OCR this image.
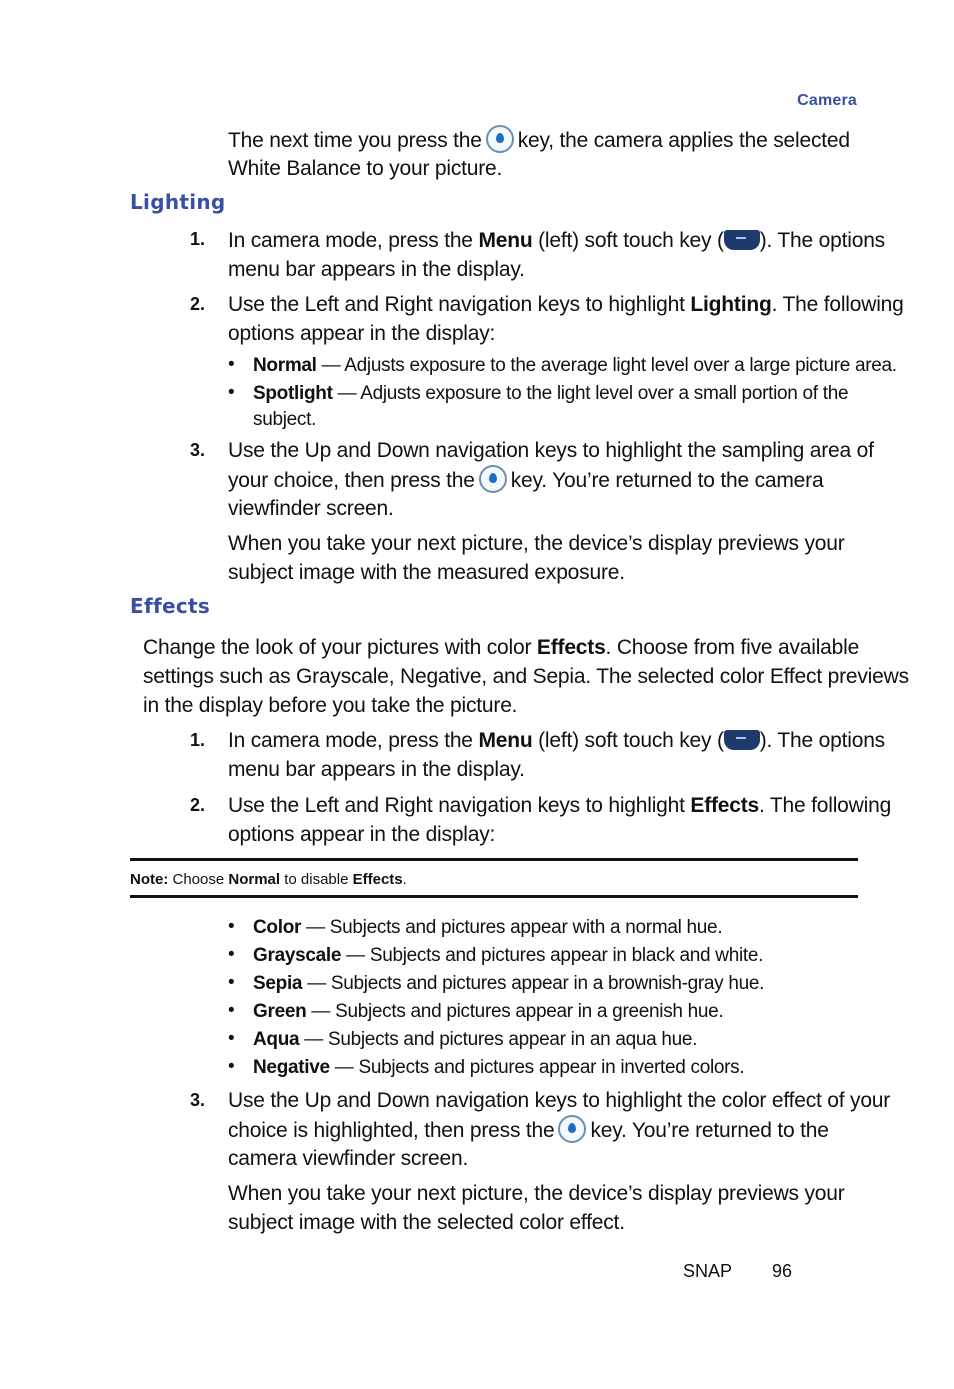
Camera
The next time you press the key, the camera applies the selected
White Balance to your picture.
Lighting
1. In camera mode, press the Menu (left) soft touch key ( ). The options
menu bar appears in the display.
2. Use the Left and Right navigation keys to highlight Lighting. The following
options appear in the display:
• Normal — Adjusts exposure to the average light level over a large picture area.
• Spotlight — Adjusts exposure to the light level over a small portion of the
subject.
3. Use the Up and Down navigation keys to highlight the sampling area of
your choice, then press the key. You’re returned to the camera
viewfinder screen.
When you take your next picture, the device’s display previews your
subject image with the measured exposure.
Effects
Change the look of your pictures with color Effects. Choose from five available
settings such as Grayscale, Negative, and Sepia. The selected color Effect previews
in the display before you take the picture.
1. In camera mode, press the Menu (left) soft touch key ( ). The options
menu bar appears in the display.
2. Use the Left and Right navigation keys to highlight Effects. The following
options appear in the display:
Note: Choose Normal to disable Effects.
• Color — Subjects and pictures appear with a normal hue.
• Grayscale — Subjects and pictures appear in black and white.
• Sepia — Subjects and pictures appear in a brownish-gray hue.
• Green — Subjects and pictures appear in a greenish hue.
• Aqua — Subjects and pictures appear in an aqua hue.
• Negative — Subjects and pictures appear in inverted colors.
3. Use the Up and Down navigation keys to highlight the color effect of your
choice is highlighted, then press the key. You’re returned to the
camera viewfinder screen.
When you take your next picture, the device’s display previews your
subject image with the selected color effect.
SNAP 96
